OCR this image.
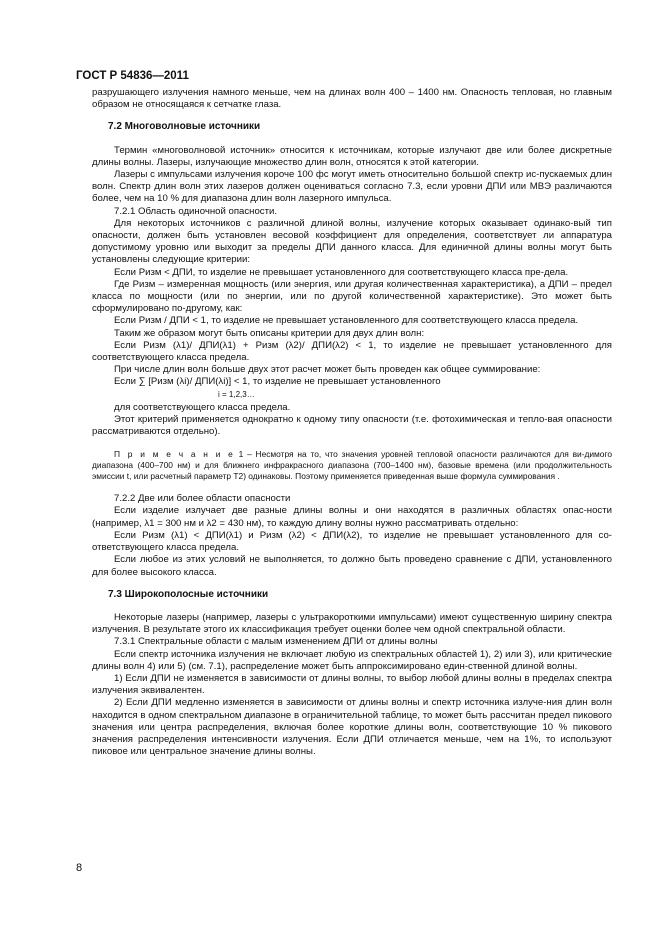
ГОСТ Р 54836—2011

разрушающего излучения намного меньше, чем на длинах волн 400 – 1400 нм. Опасность тепловая, но главным образом не относящаяся к сетчатке глаза.

7.2 Многоволновые источники

Термин «многоволновой источник» относится к источникам, которые излучают две или более дискретные длины волны. Лазеры, излучающие множество длин волн, относятся к этой категории.

Лазеры с импульсами излучения короче 100 фс могут иметь относительно большой спектр ис-пускаемых длин волн. Спектр длин волн этих лазеров должен оцениваться согласно 7.3, если уровни ДПИ или МВЭ различаются более, чем на 10 % для диапазона длин волн лазерного импульса.

7.2.1 Область одиночной опасности.

Для некоторых источников с различной длиной волны, излучение которых оказывает одинако-вый тип опасности, должен быть установлен весовой коэффициент для определения, соответствует ли аппаратура допустимому уровню или выходит за пределы ДПИ данного класса. Для единичной длины волны могут быть установлены следующие критерии:

Если Pизм < ДПИ, то изделие не превышает установленного для соответствующего класса пре-дела.

Где Pизм – измеренная мощность (или энергия, или другая количественная характеристика), а ДПИ – предел класса по мощности (или по энергии, или по другой количественной характеристике). Это может быть сформулировано по-другому, как:

Если Pизм / ДПИ < 1, то изделие не превышает установленного для соответствующего класса предела.

Таким же образом могут быть описаны критерии для двух длин волн:

Если Pизм (λ1)/ ДПИ(λ1) + Pизм (λ2)/ ДПИ(λ2) < 1, то изделие не превышает установленного для соответствующего класса предела.

При числе длин волн больше двух этот расчет может быть проведен как общее суммирование:

Если ∑ [Pизм (λi)/ ДПИ(λi)] < 1, то изделие не превышает установленного

i = 1,2,3…

для соответствующего класса предела.

Этот критерий применяется однократно к одному типу опасности (т.е. фотохимическая и тепло-вая опасности рассматриваются отдельно).

П р и м е ч а н и е 1 – Несмотря на то, что значения уровней тепловой опасности различаются для ви-димого диапазона (400–700 нм) и для ближнего инфракрасного диапазона (700–1400 нм), базовые времена (или продолжительность эмиссии t, или расчетный параметр T2) одинаковы. Поэтому применяется приведенная выше формула суммирования .

7.2.2 Две или более области опасности

Если изделие излучает две разные длины волны и они находятся в различных областях опас-ности (например, λ1 = 300 нм и λ2 = 430 нм), то каждую длину волны нужно рассматривать отдельно:

Если Pизм (λ1) < ДПИ(λ1) и Pизм (λ2) < ДПИ(λ2), то изделие не превышает установленного для со-ответствующего класса предела.

Если любое из этих условий не выполняется, то должно быть проведено сравнение с ДПИ, установленного для более высокого класса.

7.3 Широкополосные источники

Некоторые лазеры (например, лазеры с ультракороткими импульсами) имеют существенную ширину спектра излучения. В результате этого их классификация требует оценки более чем одной спектральной области.

7.3.1 Спектральные области с малым изменением ДПИ от длины волны

Если спектр источника излучения не включает любую из спектральных областей 1), 2) или 3), или критические длины волн 4) или 5) (см. 7.1), распределение может быть аппроксимировано един-ственной длиной волны.

1) Если ДПИ не изменяется в зависимости от длины волны, то выбор любой длины волны в пределах спектра излучения эквивалентен.

2) Если ДПИ медленно изменяется в зависимости от длины волны и спектр источника излуче-ния длин волн находится в одном спектральном диапазоне в ограничительной таблице, то может быть рассчитан предел пикового значения или центра распределения, включая более короткие длины волн, соответствующие 10 % пикового значения распределения интенсивности излучения. Если ДПИ отличается меньше, чем на 1%, то используют пиковое или центральное значение длины волны.

8
